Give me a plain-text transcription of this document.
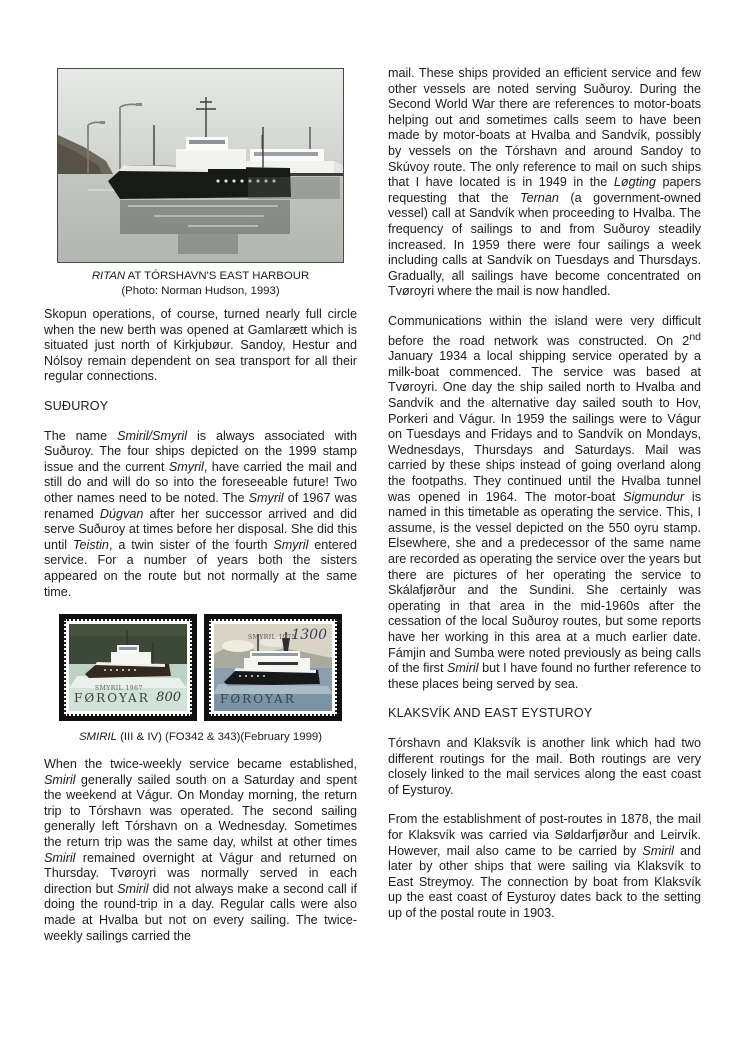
RITAN AT TÓRSHAVN'S EAST HARBOUR
(Photo: Norman Hudson, 1993)

Skopun operations, of course, turned nearly full circle when the new berth was opened at Gamlarætt which is situated just north of Kirkjubøur. Sandoy, Hestur and Nólsoy remain dependent on sea transport for all their regular connections.

SUÐUROY

The name Smiril/Smyril is always associated with Suðuroy. The four ships depicted on the 1999 stamp issue and the current Smyril, have carried the mail and still do and will do so into the foreseeable future! Two other names need to be noted. The Smyril of 1967 was renamed Dúgvan after her successor arrived and did serve Suðuroy at times before her disposal. She did this until Teistin, a twin sister of the fourth Smyril entered service. For a number of years both the sisters appeared on the route but not normally at the same time.

SMYRIL 1967
FØROYAR 800
SMYRIL 1975
1300
FØROYAR
SMIRIL (III & IV) (FO342 & 343)(February 1999)

When the twice-weekly service became established, Smiril generally sailed south on a Saturday and spent the weekend at Vágur. On Monday morning, the return trip to Tórshavn was operated. The second sailing generally left Tórshavn on a Wednesday. Sometimes the return trip was the same day, whilst at other times Smiril remained overnight at Vágur and returned on Thursday. Tvøroyri was normally served in each direction but Smiril did not always make a second call if doing the round-trip in a day. Regular calls were also made at Hvalba but not on every sailing. The twice-weekly sailings carried the

mail. These ships provided an efficient service and few other vessels are noted serving Suðuroy. During the Second World War there are references to motor-boats helping out and sometimes calls seem to have been made by motor-boats at Hvalba and Sandvík, possibly by vessels on the Tórshavn and around Sandoy to Skúvoy route. The only reference to mail on such ships that I have located is in 1949 in the Løgting papers requesting that the Ternan (a government-owned vessel) call at Sandvík when proceeding to Hvalba. The frequency of sailings to and from Suðuroy steadily increased. In 1959 there were four sailings a week including calls at Sandvík on Tuesdays and Thursdays. Gradually, all sailings have become concentrated on Tvøroyri where the mail is now handled.

Communications within the island were very difficult before the road network was constructed. On 2nd January 1934 a local shipping service operated by a milk-boat commenced. The service was based at Tvøroyri. One day the ship sailed north to Hvalba and Sandvík and the alternative day sailed south to Hov, Porkeri and Vágur. In 1959 the sailings were to Vágur on Tuesdays and Fridays and to Sandvík on Mondays, Wednesdays, Thursdays and Saturdays. Mail was carried by these ships instead of going overland along the footpaths. They continued until the Hvalba tunnel was opened in 1964. The motor-boat Sigmundur is named in this timetable as operating the service. This, I assume, is the vessel depicted on the 550 oyru stamp. Elsewhere, she and a predecessor of the same name are recorded as operating the service over the years but there are pictures of her operating the service to Skálafjørður and the Sundini. She certainly was operating in that area in the mid-1960s after the cessation of the local Suðuroy routes, but some reports have her working in this area at a much earlier date. Fámjin and Sumba were noted previously as being calls of the first Smiril but I have found no further reference to these places being served by sea.

KLAKSVÍK AND EAST EYSTUROY

Tórshavn and Klaksvík is another link which had two different routings for the mail. Both routings are very closely linked to the mail services along the east coast of Eysturoy.

From the establishment of post-routes in 1878, the mail for Klaksvík was carried via Søldarfjørður and Leirvík. However, mail also came to be carried by Smiril and later by other ships that were sailing via Klaksvík to East Streymoy. The connection by boat from Klaksvík up the east coast of Eysturoy dates back to the setting up of the postal route in 1903.
